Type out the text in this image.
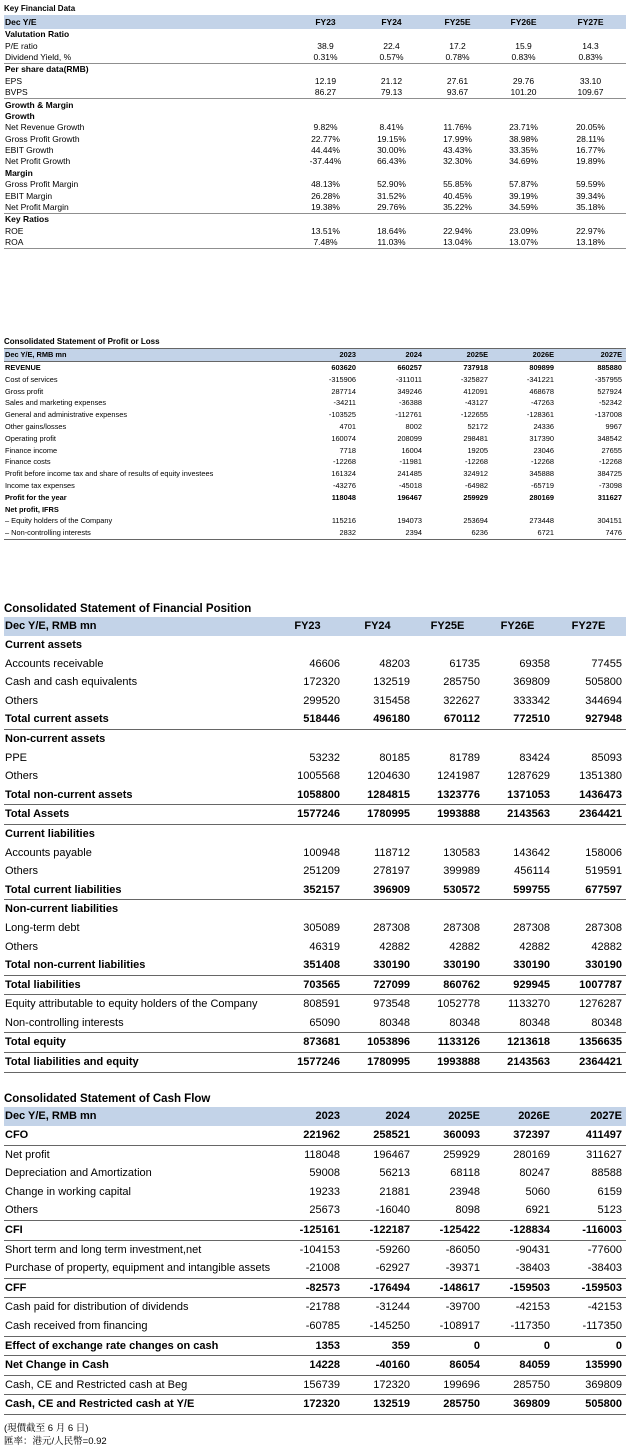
Key Financial Data
Dec Y/E	FY23	FY24	FY25E	FY26E	FY27E
Valutation Ratio					
P/E ratio	38.9	22.4	17.2	15.9	14.3
Dividend Yield, %	0.31%	0.57%	0.78%	0.83%	0.83%
Per share data(RMB)					
EPS	12.19	21.12	27.61	29.76	33.10
BVPS	86.27	79.13	93.67	101.20	109.67
Growth & Margin					
Growth					
Net Revenue Growth	9.82%	8.41%	11.76%	23.71%	20.05%
Gross Profit Growth	22.77%	19.15%	17.99%	38.98%	28.11%
EBIT Growth	44.44%	30.00%	43.43%	33.35%	16.77%
Net Profit Growth	-37.44%	66.43%	32.30%	34.69%	19.89%
Margin					
Gross Profit Margin	48.13%	52.90%	55.85%	57.87%	59.59%
EBIT Margin	26.28%	31.52%	40.45%	39.19%	39.34%
Net Profit Margin	19.38%	29.76%	35.22%	34.59%	35.18%
Key Ratios					
ROE	13.51%	18.64%	22.94%	23.09%	22.97%
ROA	7.48%	11.03%	13.04%	13.07%	13.18%
Consolidated Statement of Profit or Loss
Dec Y/E, RMB mn	2023	2024	2025E	2026E	2027E
REVENUE	603620	660257	737918	809899	885880
Cost of services	-315906	-311011	-325827	-341221	-357955
Gross profit	287714	349246	412091	468678	527924
Sales and marketing expenses	-34211	-36388	-43127	-47263	-52342
General and administrative expenses	-103525	-112761	-122655	-128361	-137008
Other gains/losses	4701	8002	52172	24336	9967
Operating profit	160074	208099	298481	317390	348542
Finance income	7718	16004	19205	23046	27655
Finance costs	-12268	-11981	-12268	-12268	-12268
Profit before income tax and share of results of equity investees	161324	241485	324912	345888	384725
Income tax expenses	-43276	-45018	-64982	-65719	-73098
Profit for the year	118048	196467	259929	280169	311627
Net profit, IFRS					
– Equity holders of the Company	115216	194073	253694	273448	304151
– Non-controlling interests	2832	2394	6236	6721	7476
Consolidated Statement of Financial Position
Dec Y/E, RMB mn	FY23	FY24	FY25E	FY26E	FY27E
Current assets					
Accounts receivable	46606	48203	61735	69358	77455
Cash and cash equivalents	172320	132519	285750	369809	505800
Others	299520	315458	322627	333342	344694
Total current assets	518446	496180	670112	772510	927948
Non-current assets					
PPE	53232	80185	81789	83424	85093
Others	1005568	1204630	1241987	1287629	1351380
Total non-current assets	1058800	1284815	1323776	1371053	1436473
Total Assets	1577246	1780995	1993888	2143563	2364421
Current liabilities					
Accounts payable	100948	118712	130583	143642	158006
Others	251209	278197	399989	456114	519591
Total current liabilities	352157	396909	530572	599755	677597
Non-current liabilities					
Long-term debt	305089	287308	287308	287308	287308
Others	46319	42882	42882	42882	42882
Total non-current liabilities	351408	330190	330190	330190	330190
Total liabilities	703565	727099	860762	929945	1007787
Equity attributable to equity holders of the Company	808591	973548	1052778	1133270	1276287
Non-controlling interests	65090	80348	80348	80348	80348
Total equity	873681	1053896	1133126	1213618	1356635
Total liabilities and equity	1577246	1780995	1993888	2143563	2364421
Consolidated Statement of Cash Flow
Dec Y/E, RMB mn	2023	2024	2025E	2026E	2027E
CFO	221962	258521	360093	372397	411497
Net profit	118048	196467	259929	280169	311627
Depreciation and Amortization	59008	56213	68118	80247	88588
Change in working capital	19233	21881	23948	5060	6159
Others	25673	-16040	8098	6921	5123
CFI	-125161	-122187	-125422	-128834	-116003
Short term and long term investment,net	-104153	-59260	-86050	-90431	-77600
Purchase of property, equipment and intangible assets	-21008	-62927	-39371	-38403	-38403
CFF	-82573	-176494	-148617	-159503	-159503
Cash paid for distribution of dividends	-21788	-31244	-39700	-42153	-42153
Cash received from financing	-60785	-145250	-108917	-117350	-117350
Effect of exchange rate changes on cash	1353	359	0	0	0
Net Change in Cash	14228	-40160	86054	84059	135990
Cash, CE and Restricted cash at Beg	156739	172320	199696	285750	369809
Cash, CE and Restricted cash at Y/E	172320	132519	285750	369809	505800
(現價截至 6 月 6 日)
匯率：港元/人民幣=0.92
